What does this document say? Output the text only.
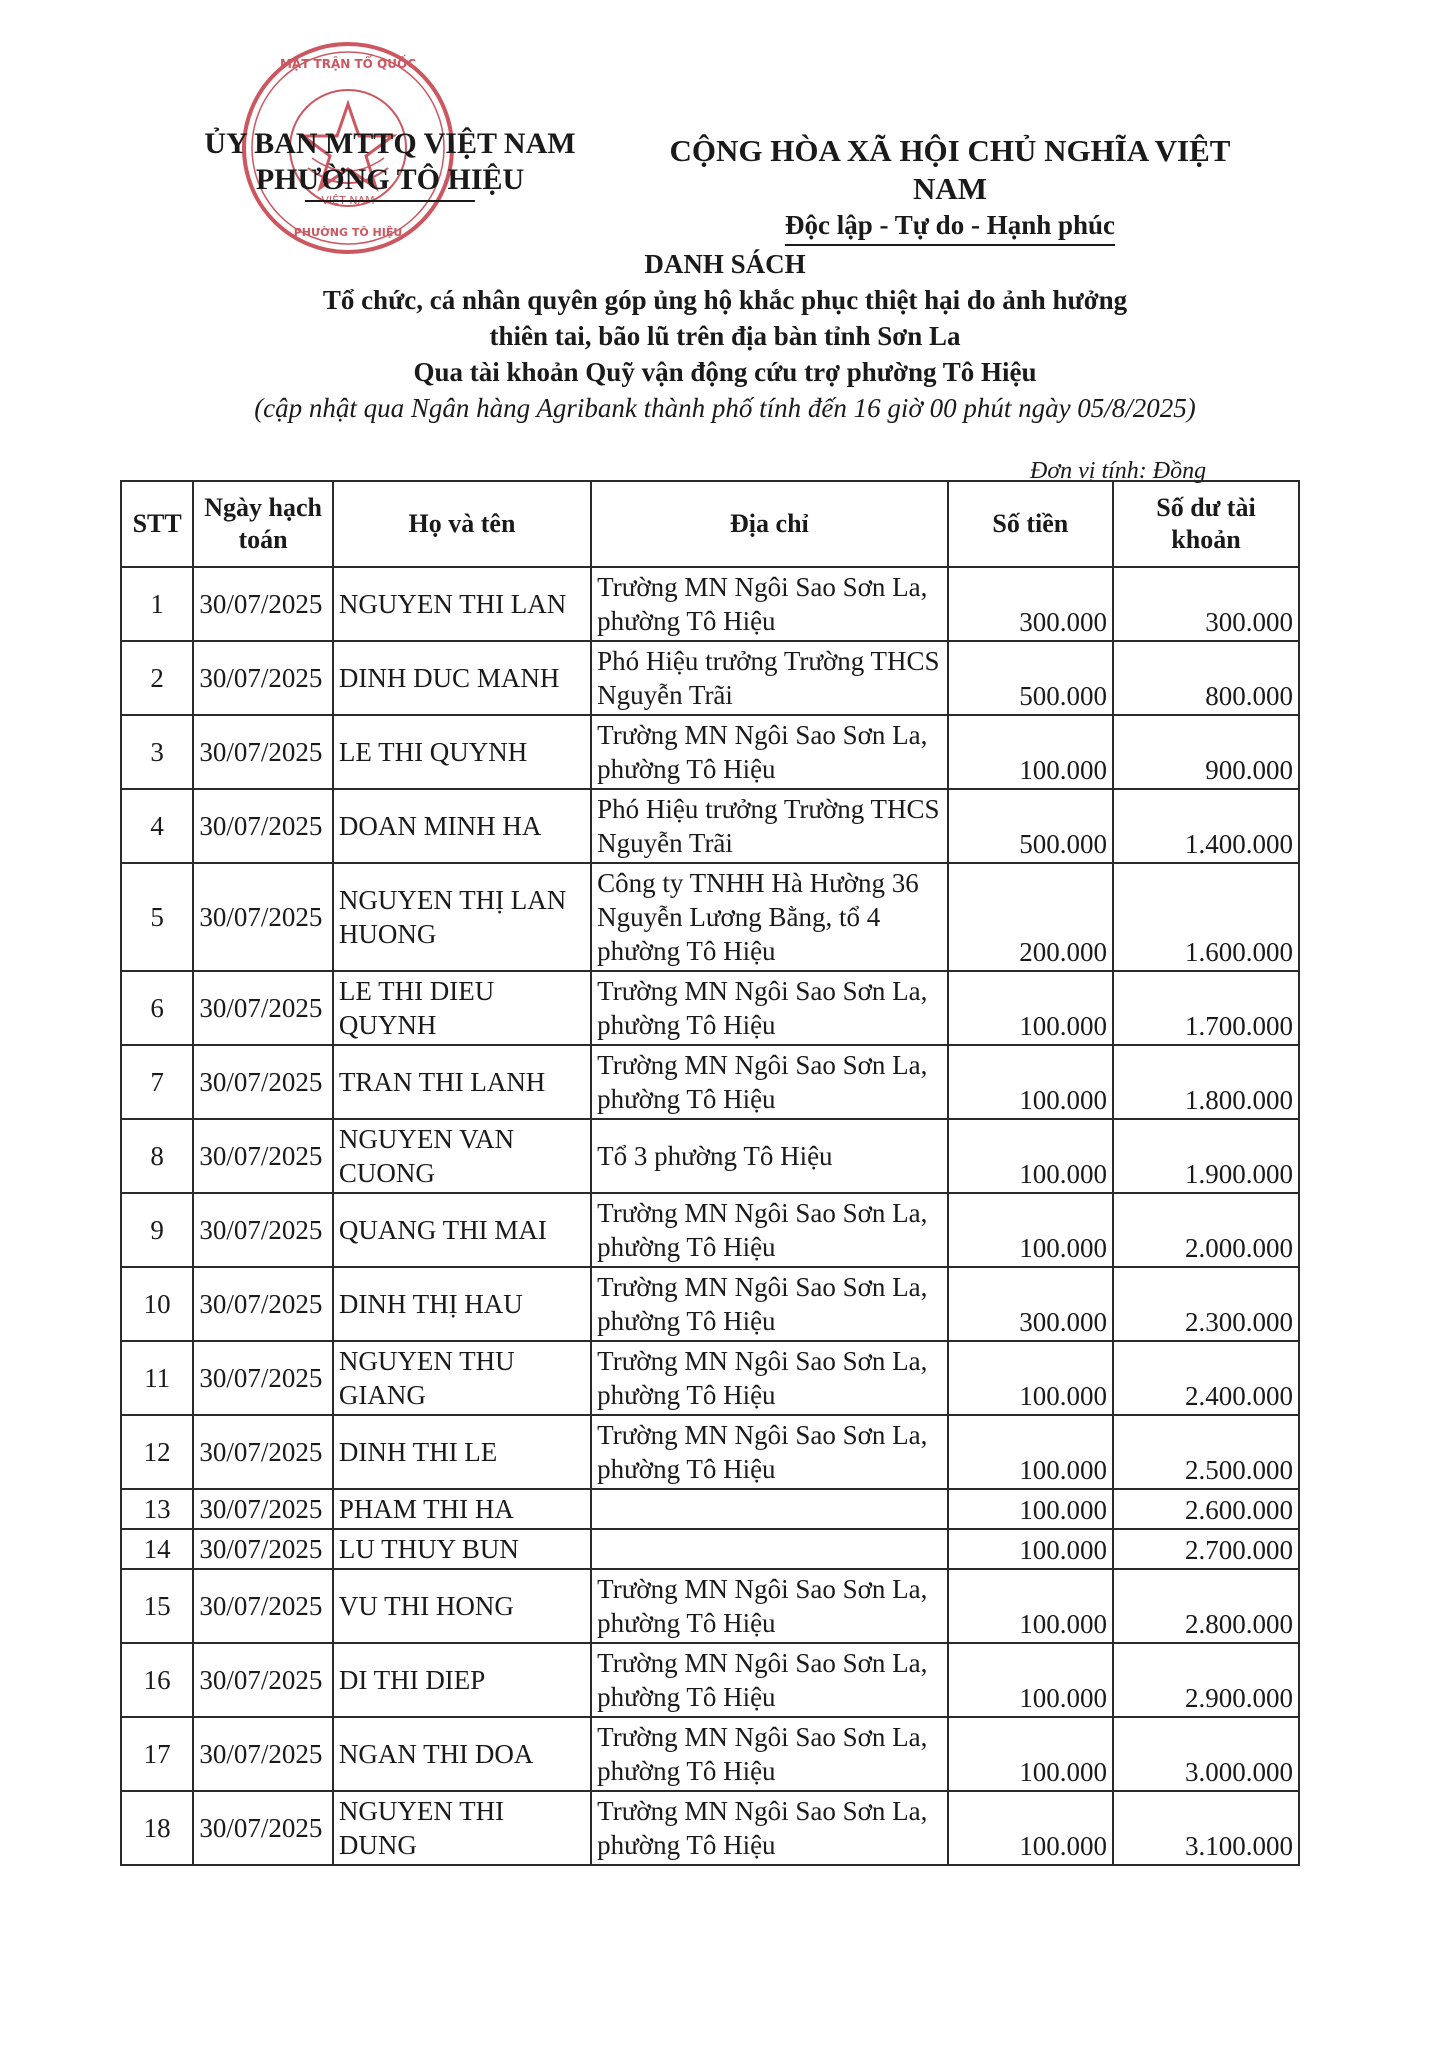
MẶT TRẬN TỔ QUỐC
PHƯỜNG TÔ HIỆU
VIỆT NAM
ỦY BAN MTTQ VIỆT NAM
PHƯỜNG TÔ HIỆU
CỘNG HÒA XÃ HỘI CHỦ NGHĨA VIỆT NAM
Độc lập - Tự do - Hạnh phúc
DANH SÁCH
Tổ chức, cá nhân quyên góp ủng hộ khắc phục thiệt hại do ảnh hưởng
thiên tai, bão lũ trên địa bàn tỉnh Sơn La
Qua tài khoản Quỹ vận động cứu trợ phường Tô Hiệu
(cập nhật qua Ngân hàng Agribank thành phố tính đến 16 giờ 00 phút ngày 05/8/2025)
Đơn vị tính: Đồng
STT	Ngày hạch toán	Họ và tên	Địa chỉ	Số tiền	Số dư tài khoản
1	30/07/2025	NGUYEN THI LAN	Trường MN Ngôi Sao Sơn La, phường Tô Hiệu	300.000	300.000
2	30/07/2025	DINH DUC MANH	Phó Hiệu trưởng Trường THCS Nguyễn Trãi	500.000	800.000
3	30/07/2025	LE THI QUYNH	Trường MN Ngôi Sao Sơn La, phường Tô Hiệu	100.000	900.000
4	30/07/2025	DOAN MINH HA	Phó Hiệu trưởng Trường THCS Nguyễn Trãi	500.000	1.400.000
5	30/07/2025	NGUYEN THỊ LAN HUONG	Công ty TNHH Hà Hường 36 Nguyễn Lương Bằng, tổ 4 phường Tô Hiệu	200.000	1.600.000
6	30/07/2025	LE THI DIEU QUYNH	Trường MN Ngôi Sao Sơn La, phường Tô Hiệu	100.000	1.700.000
7	30/07/2025	TRAN THI LANH	Trường MN Ngôi Sao Sơn La, phường Tô Hiệu	100.000	1.800.000
8	30/07/2025	NGUYEN VAN CUONG	Tổ 3 phường Tô Hiệu	100.000	1.900.000
9	30/07/2025	QUANG THI MAI	Trường MN Ngôi Sao Sơn La, phường Tô Hiệu	100.000	2.000.000
10	30/07/2025	DINH THỊ HAU	Trường MN Ngôi Sao Sơn La, phường Tô Hiệu	300.000	2.300.000
11	30/07/2025	NGUYEN THU GIANG	Trường MN Ngôi Sao Sơn La, phường Tô Hiệu	100.000	2.400.000
12	30/07/2025	DINH THI LE	Trường MN Ngôi Sao Sơn La, phường Tô Hiệu	100.000	2.500.000
13	30/07/2025	PHAM THI HA		100.000	2.600.000
14	30/07/2025	LU THUY BUN		100.000	2.700.000
15	30/07/2025	VU THI HONG	Trường MN Ngôi Sao Sơn La, phường Tô Hiệu	100.000	2.800.000
16	30/07/2025	DI THI DIEP	Trường MN Ngôi Sao Sơn La, phường Tô Hiệu	100.000	2.900.000
17	30/07/2025	NGAN THI DOA	Trường MN Ngôi Sao Sơn La, phường Tô Hiệu	100.000	3.000.000
18	30/07/2025	NGUYEN THI DUNG	Trường MN Ngôi Sao Sơn La, phường Tô Hiệu	100.000	3.100.000
